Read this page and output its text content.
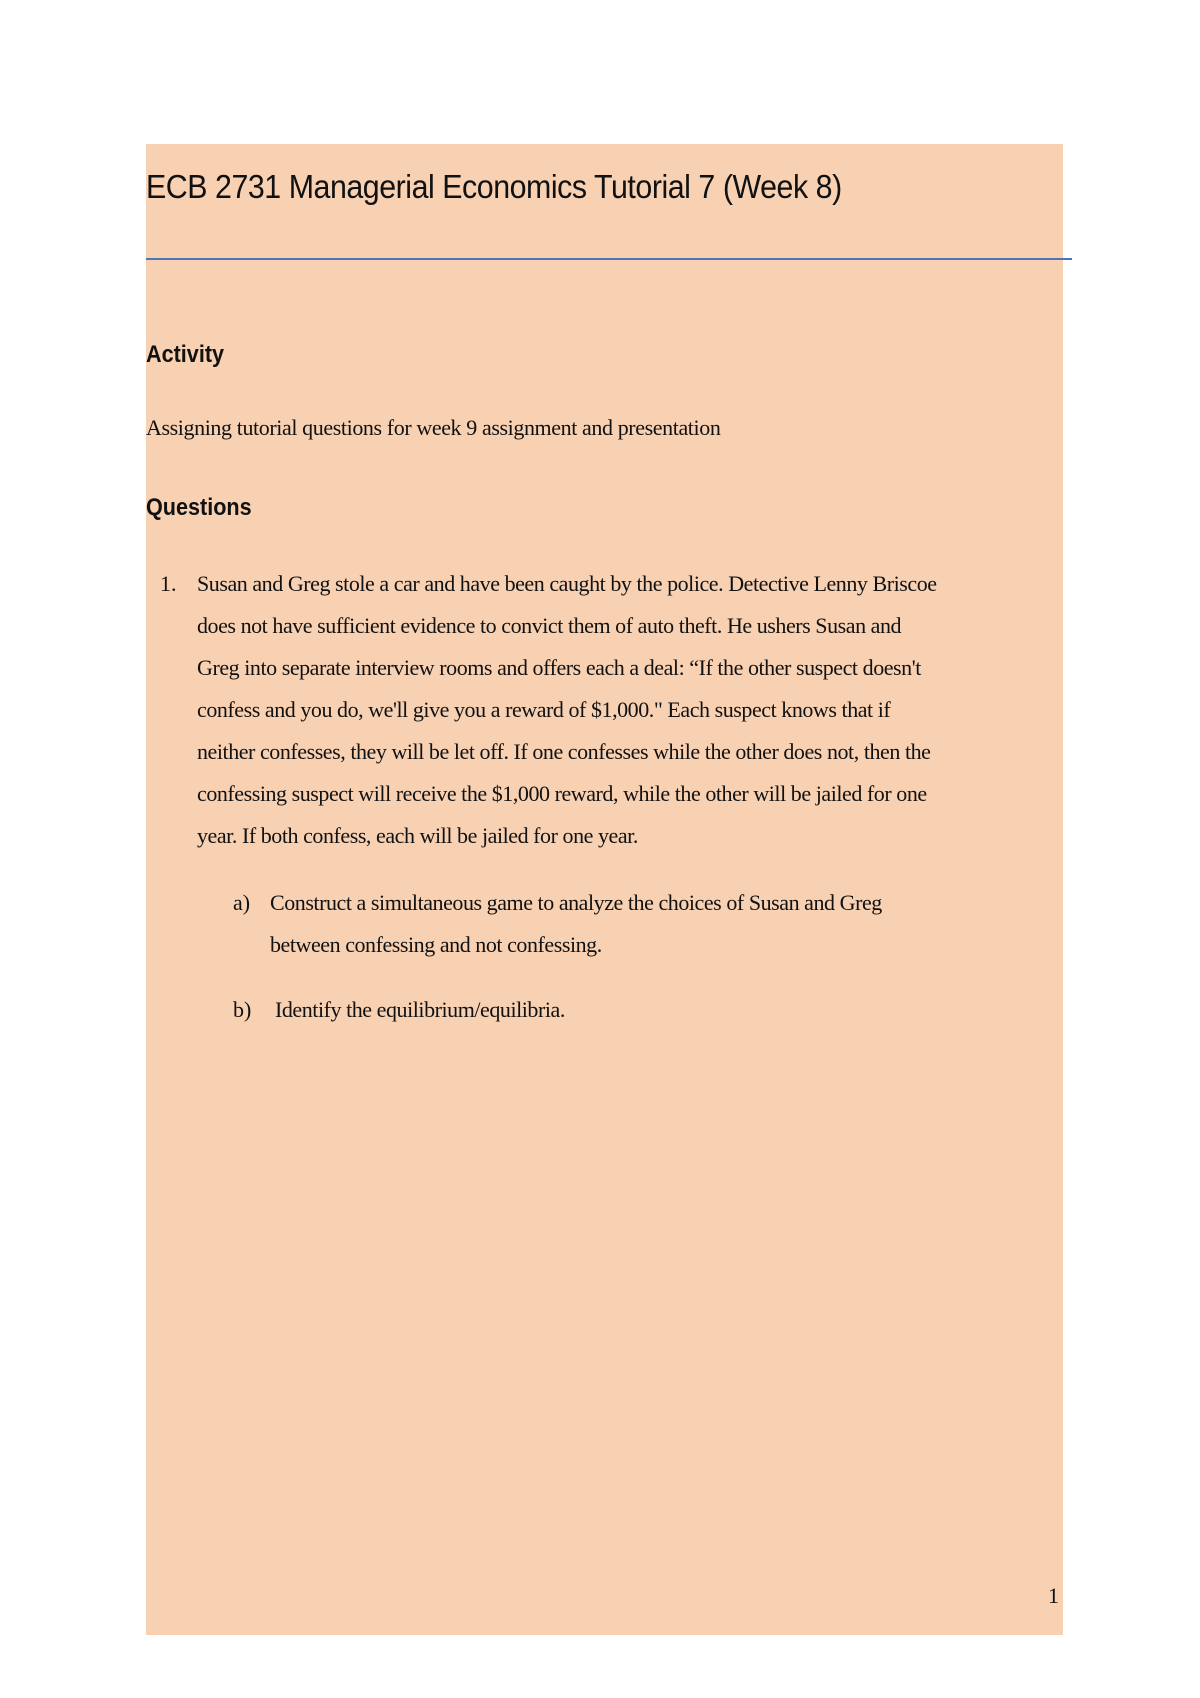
ECB 2731 Managerial Economics Tutorial 7 (Week 8)
Activity

Assigning tutorial questions for week 9 assignment and presentation

Questions

1. Susan and Greg stole a car and have been caught by the police. Detective Lenny Briscoe
does not have sufficient evidence to convict them of auto theft. He ushers Susan and
Greg into separate interview rooms and offers each a deal: “If the other suspect doesn't
confess and you do, we'll give you a reward of $1,000." Each suspect knows that if
neither confesses, they will be let off. If one confesses while the other does not, then the
confessing suspect will receive the $1,000 reward, while the other will be jailed for one
year. If both confess, each will be jailed for one year.

a) Construct a simultaneous game to analyze the choices of Susan and Greg
between confessing and not confessing.

b) Identify the equilibrium/equilibria.

1
